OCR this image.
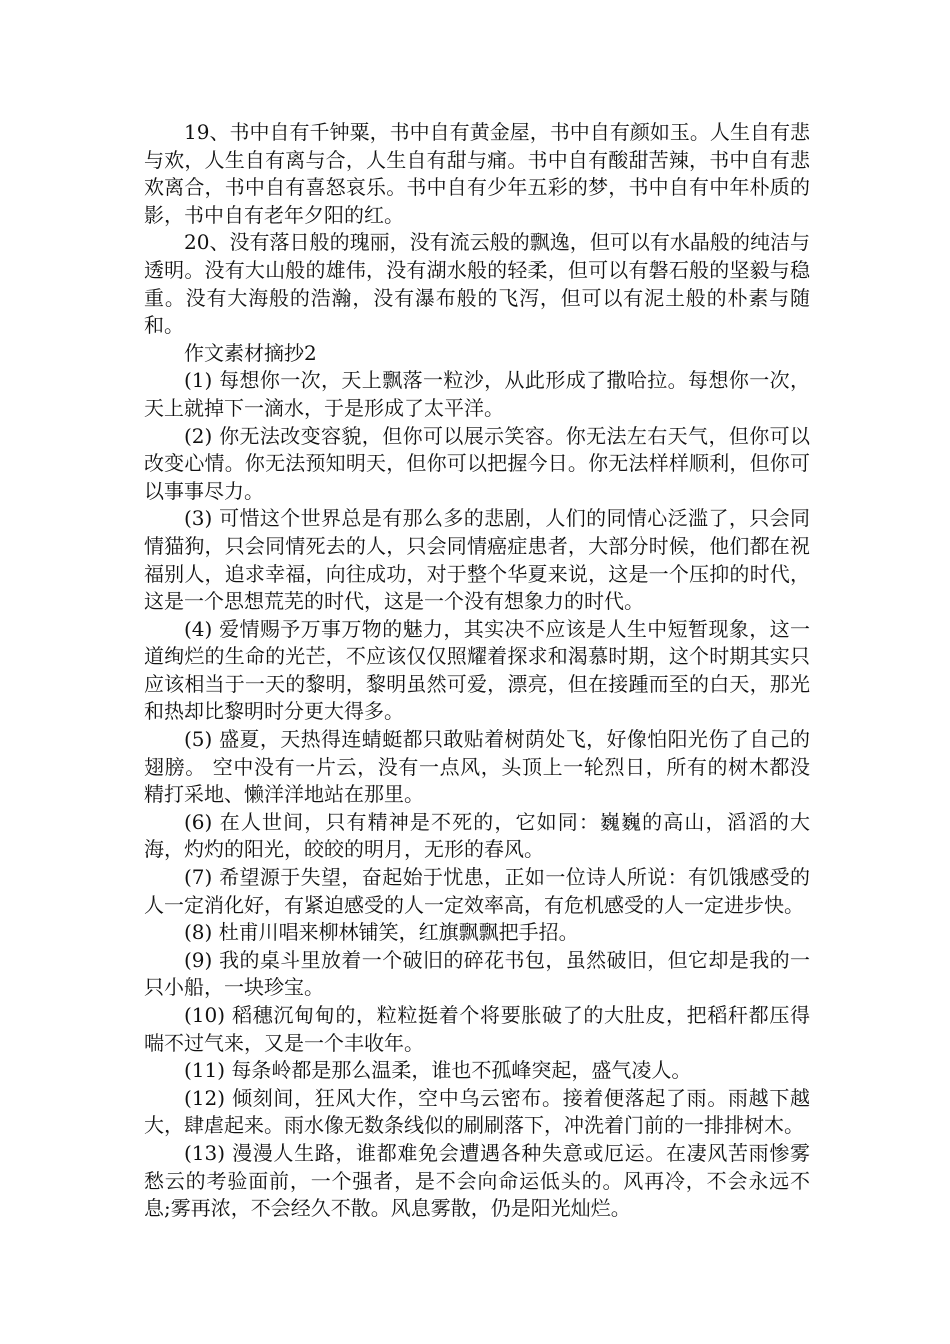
19、书中自有千钟粟，书中自有黄金屋，书中自有颜如玉。人生自有悲与欢，人生自有离与合，人生自有甜与痛。书中自有酸甜苦辣，书中自有悲欢离合，书中自有喜怒哀乐。书中自有少年五彩的梦，书中自有中年朴质的影，书中自有老年夕阳的红。

20、没有落日般的瑰丽，没有流云般的飘逸，但可以有水晶般的纯洁与透明。没有大山般的雄伟，没有湖水般的轻柔，但可以有磐石般的坚毅与稳重。没有大海般的浩瀚，没有瀑布般的飞泻，但可以有泥土般的朴素与随和。

作文素材摘抄2

(1) 每想你一次，天上飘落一粒沙，从此形成了撒哈拉。每想你一次，天上就掉下一滴水，于是形成了太平洋。

(2) 你无法改变容貌，但你可以展示笑容。你无法左右天气，但你可以改变心情。你无法预知明天，但你可以把握今日。你无法样样顺利，但你可以事事尽力。

(3) 可惜这个世界总是有那么多的悲剧，人们的同情心泛滥了，只会同情猫狗，只会同情死去的人，只会同情癌症患者，大部分时候，他们都在祝福别人，追求幸福，向往成功，对于整个华夏来说，这是一个压抑的时代，这是一个思想荒芜的时代，这是一个没有想象力的时代。

(4) 爱情赐予万事万物的魅力，其实决不应该是人生中短暂现象，这一道绚烂的生命的光芒，不应该仅仅照耀着探求和渴慕时期，这个时期其实只应该相当于一天的黎明，黎明虽然可爱，漂亮，但在接踵而至的白天，那光和热却比黎明时分更大得多。

(5) 盛夏，天热得连蜻蜓都只敢贴着树荫处飞，好像怕阳光伤了自己的翅膀。 空中没有一片云，没有一点风，头顶上一轮烈日，所有的树木都没精打采地、懒洋洋地站在那里。

(6) 在人世间，只有精神是不死的，它如同：巍巍的高山，滔滔的大海，灼灼的阳光，皎皎的明月，无形的春风。

(7) 希望源于失望，奋起始于忧患，正如一位诗人所说：有饥饿感受的人一定消化好，有紧迫感受的人一定效率高，有危机感受的人一定进步快。

(8) 杜甫川唱来柳林铺笑，红旗飘飘把手招。

(9) 我的桌斗里放着一个破旧的碎花书包，虽然破旧，但它却是我的一只小船，一块珍宝。

(10) 稻穗沉甸甸的，粒粒挺着个将要胀破了的大肚皮，把稻秆都压得喘不过气来，又是一个丰收年。

(11) 每条岭都是那么温柔，谁也不孤峰突起，盛气凌人。

(12) 倾刻间，狂风大作，空中乌云密布。接着便落起了雨。雨越下越大，肆虐起来。雨水像无数条线似的刷刷落下，冲洗着门前的一排排树木。

(13) 漫漫人生路，谁都难免会遭遇各种失意或厄运。在凄风苦雨惨雾愁云的考验面前，一个强者，是不会向命运低头的。风再冷，不会永远不息;雾再浓，不会经久不散。风息雾散，仍是阳光灿烂。
